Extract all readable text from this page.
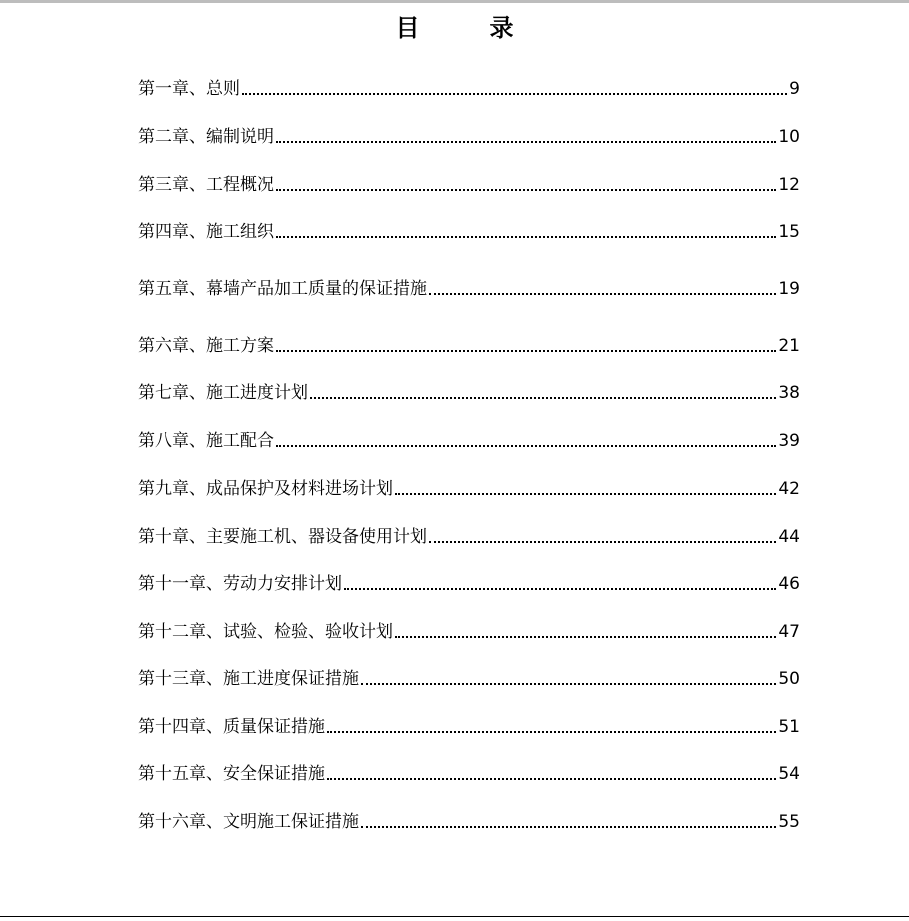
目	录
第一章、总则	9
第二章、编制说明	10
第三章、工程概况	12
第四章、施工组织	15
第五章、幕墙产品加工质量的保证措施	19
第六章、施工方案	21
第七章、施工进度计划	38
第八章、施工配合	39
第九章、成品保护及材料进场计划	42
第十章、主要施工机、器设备使用计划	44
第十一章、劳动力安排计划	46
第十二章、试验、检验、验收计划	47
第十三章、施工进度保证措施	50
第十四章、质量保证措施	51
第十五章、安全保证措施	54
第十六章、文明施工保证措施	55
